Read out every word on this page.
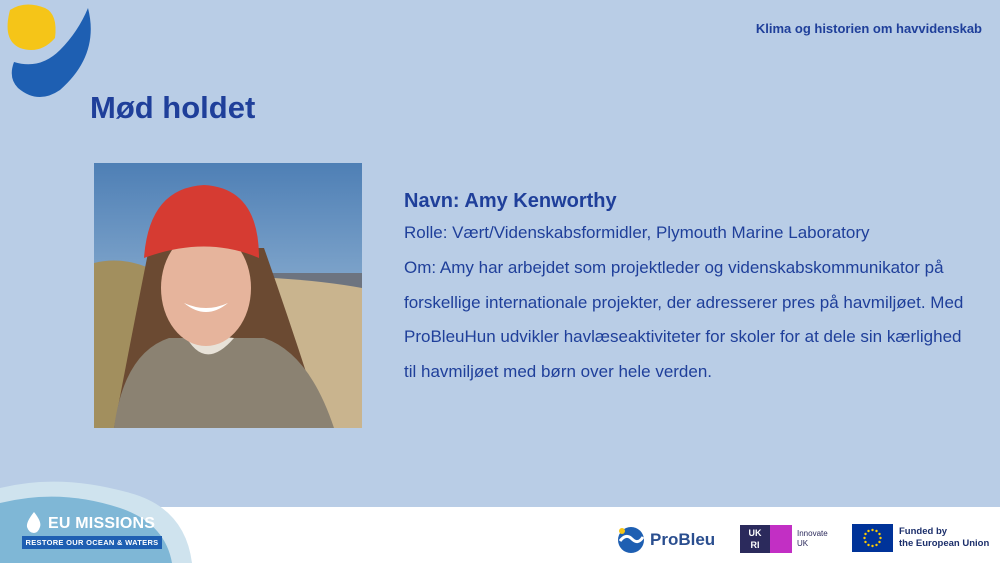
Klima og historien om havvidenskab
Mød holdet
Navn: Amy Kenworthy
Rolle: Vært/Videnskabsformidler, Plymouth Marine Laboratory
Om: Amy har arbejdet som projektleder og videnskabskommunikator på forskellige internationale projekter, der adresserer pres på havmiljøet. Med ProBleuHun udvikler havlæseaktiviteter for skoler for at dele sin kærlighed til havmiljøet med børn over hele verden.
EU MISSIONS
RESTORE OUR OCEAN & WATERS	ProBleu	UK
RI
Innovate
UK
Funded by
the European Union
